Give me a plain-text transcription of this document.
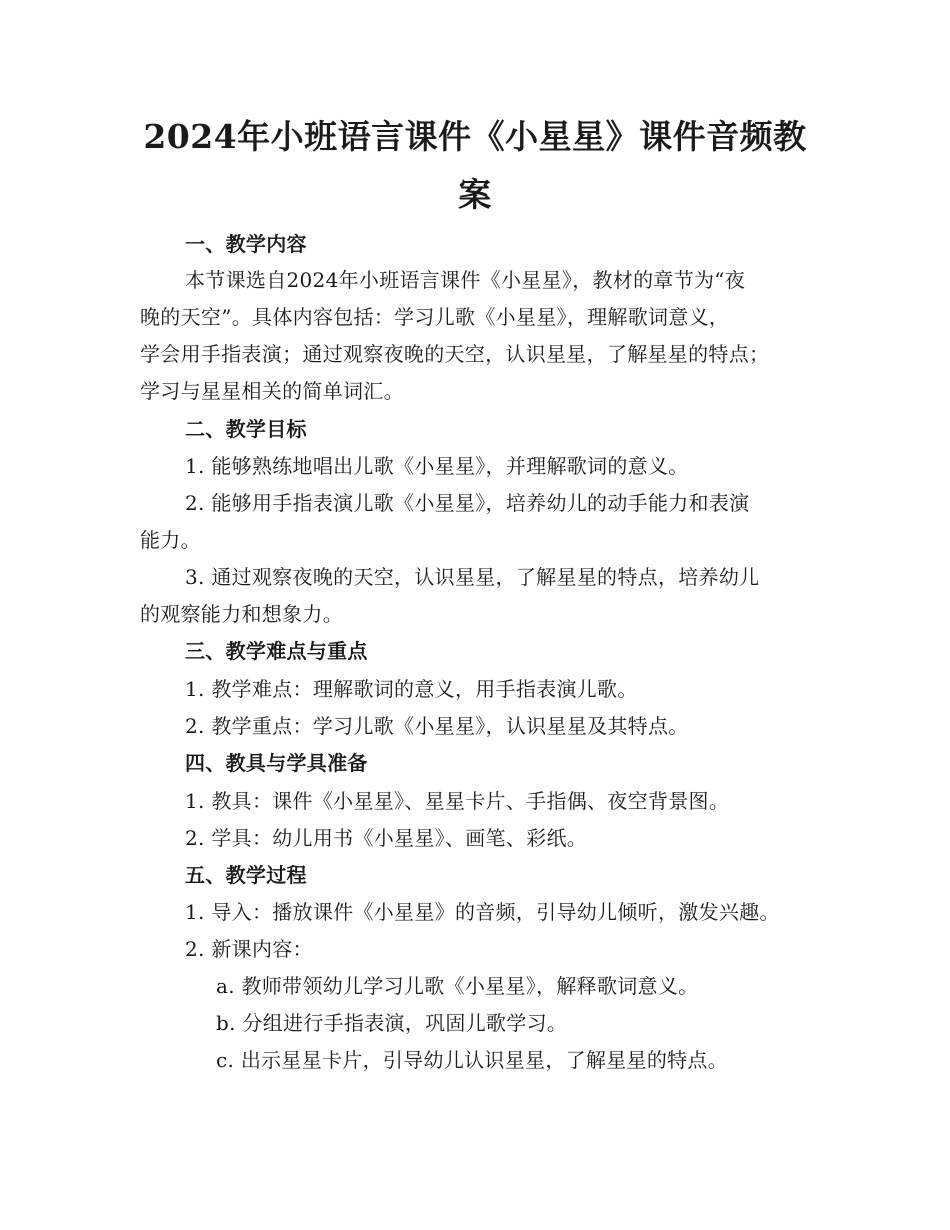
2024年小班语言课件《小星星》课件音频教案
一、教学内容
本节课选自2024年小班语言课件《小星星》，教材的章节为“夜
晚的天空”。具体内容包括：学习儿歌《小星星》，理解歌词意义，
学会用手指表演；通过观察夜晚的天空，认识星星，了解星星的特点；
学习与星星相关的简单词汇。
二、教学目标
1. 能够熟练地唱出儿歌《小星星》，并理解歌词的意义。
2. 能够用手指表演儿歌《小星星》，培养幼儿的动手能力和表演
能力。
3. 通过观察夜晚的天空，认识星星，了解星星的特点，培养幼儿
的观察能力和想象力。
三、教学难点与重点
1. 教学难点：理解歌词的意义，用手指表演儿歌。
2. 教学重点：学习儿歌《小星星》，认识星星及其特点。
四、教具与学具准备
1. 教具：课件《小星星》、星星卡片、手指偶、夜空背景图。
2. 学具：幼儿用书《小星星》、画笔、彩纸。
五、教学过程
1. 导入：播放课件《小星星》的音频，引导幼儿倾听，激发兴趣。
2. 新课内容：
a. 教师带领幼儿学习儿歌《小星星》，解释歌词意义。
b. 分组进行手指表演，巩固儿歌学习。
c. 出示星星卡片，引导幼儿认识星星，了解星星的特点。
